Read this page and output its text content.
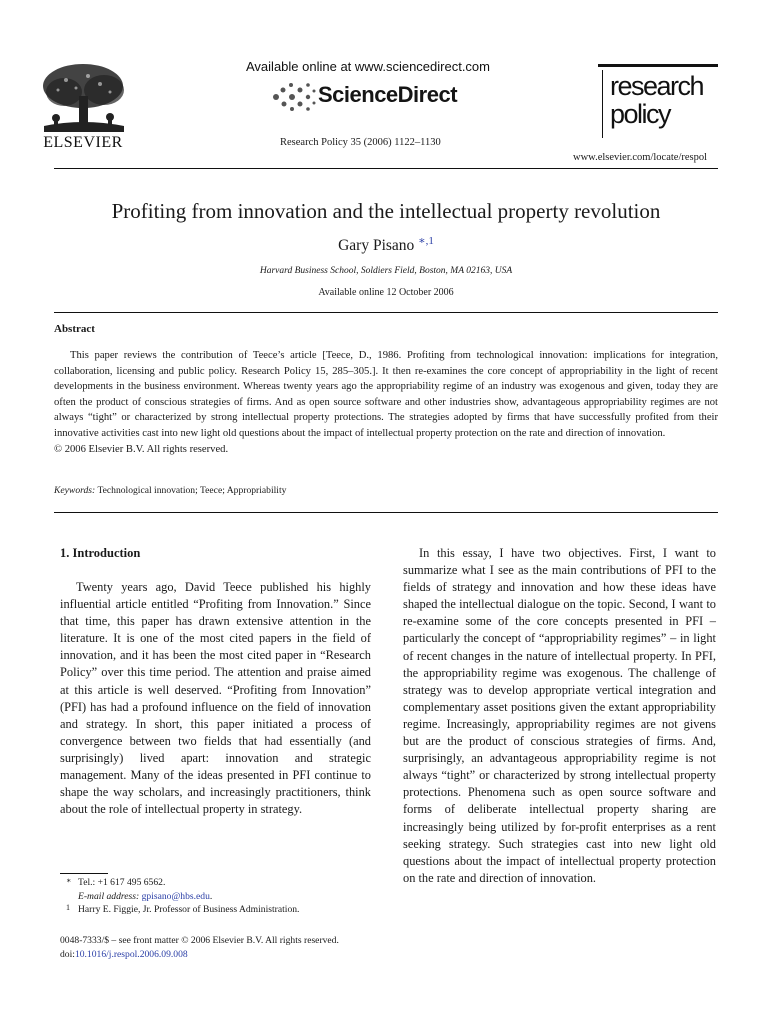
ELSEVIER
Available online at www.sciencedirect.com
ScienceDirect
Research Policy 35 (2006) 1122–1130
research
policy
www.elsevier.com/locate/respol
Profiting from innovation and the intellectual property revolution
Gary Pisano $^{∗,1}$
Harvard Business School, Soldiers Field, Boston, MA 02163, USA
Available online 12 October 2006
Abstract

This paper reviews the contribution of Teece’s article [Teece, D., 1986. Profiting from technological innovation: implications for integration, collaboration, licensing and public policy. Research Policy 15, 285–305.]. It then re-examines the core concept of appropriability in the light of recent developments in the business environment. Whereas twenty years ago the appropriability regime of an industry was exogenous and given, today they are often the product of conscious strategies of firms. And as open source software and other industries show, advantageous appropriability regimes are not always “tight” or characterized by strong intellectual property protections. The strategies adopted by firms that have successfully profited from their innovative activities cast into new light old questions about the impact of intellectual property protection on the rate and direction of innovation.

© 2006 Elsevier B.V. All rights reserved.

Keywords: Technological innovation; Teece; Appropriability
1. Introduction
Twenty years ago, David Teece published his highly influential article entitled “Profiting from Innovation.” Since that time, this paper has drawn extensive attention in the literature. It is one of the most cited papers in the field of innovation, and it has been the most cited paper in “Research Policy” over this time period. The attention and praise aimed at this article is well deserved. “Profiting from Innovation” (PFI) has had a profound influence on the field of innovation and strategy. In short, this paper initiated a process of convergence between two fields that had essentially (and surprisingly) lived apart: innovation and strategic management. Many of the ideas presented in PFI continue to shape the way scholars, and increasingly practitioners, think about the role of intellectual property in strategy.
In this essay, I have two objectives. First, I want to summarize what I see as the main contributions of PFI to the fields of strategy and innovation and how these ideas have shaped the intellectual dialogue on the topic. Second, I want to re-examine some of the core concepts presented in PFI – particularly the concept of “appropriability regimes” – in light of recent changes in the nature of intellectual property. In PFI, the appropriability regime was exogenous. The challenge of strategy was to develop appropriate vertical integration and complementary asset positions given the extant appropriability regime. Increasingly, appropriability regimes are not givens but are the product of conscious strategies of firms. And, surprisingly, an advantageous appropriability regime is not always “tight” or characterized by strong intellectual property protections. Phenomena such as open source software and forms of deliberate intellectual property sharing are increasingly being utilized by for-profit enterprises as a rent seeking strategy. Such strategies cast into new light old questions about the impact of intellectual property protection on the rate and direction of innovation.
∗ Tel.: +1 617 495 6562.
E-mail address: gpisano@hbs.edu.
1 Harry E. Figgie, Jr. Professor of Business Administration.
0048-7333/$ – see front matter © 2006 Elsevier B.V. All rights reserved.
doi:10.1016/j.respol.2006.09.008
